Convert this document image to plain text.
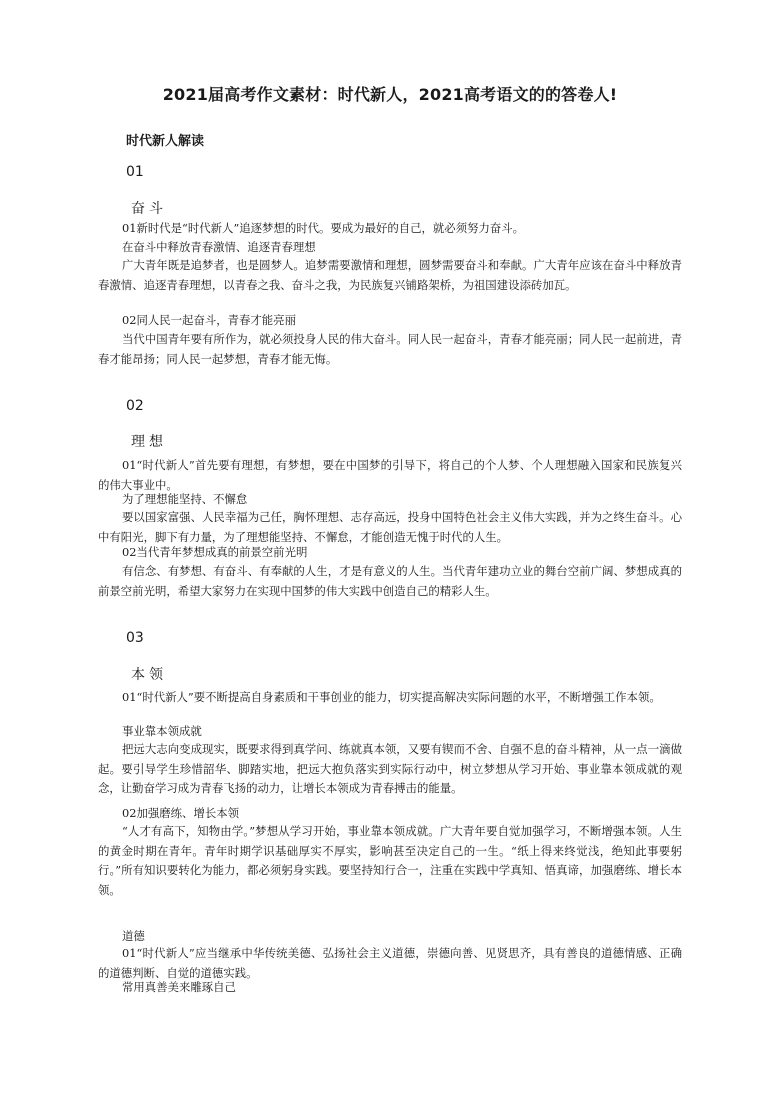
2021届高考作文素材：时代新人，2021高考语文的的答卷人!
时代新人解读
01
奋斗

01新时代是“时代新人”追逐梦想的时代。要成为最好的自己，就必须努力奋斗。

在奋斗中释放青春激情、追逐青春理想

广大青年既是追梦者，也是圆梦人。追梦需要激情和理想，圆梦需要奋斗和奉献。广大青年应该在奋斗中释放青春激情、追逐青春理想，以青春之我、奋斗之我，为民族复兴铺路架桥，为祖国建设添砖加瓦。

02同人民一起奋斗，青春才能亮丽

当代中国青年要有所作为，就必须投身人民的伟大奋斗。同人民一起奋斗，青春才能亮丽；同人民一起前进，青春才能昂扬；同人民一起梦想，青春才能无悔。

02
理想

01“时代新人”首先要有理想，有梦想，要在中国梦的引导下，将自己的个人梦、个人理想融入国家和民族复兴的伟大事业中。

为了理想能坚持、不懈怠

要以国家富强、人民幸福为己任，胸怀理想、志存高远，投身中国特色社会主义伟大实践，并为之终生奋斗。心中有阳光，脚下有力量，为了理想能坚持、不懈怠，才能创造无愧于时代的人生。

02当代青年梦想成真的前景空前光明

有信念、有梦想、有奋斗、有奉献的人生，才是有意义的人生。当代青年建功立业的舞台空前广阔、梦想成真的前景空前光明，希望大家努力在实现中国梦的伟大实践中创造自己的精彩人生。

03
本领

01“时代新人”要不断提高自身素质和干事创业的能力，切实提高解决实际问题的水平，不断增强工作本领。

事业靠本领成就

把远大志向变成现实，既要求得到真学问、练就真本领，又要有锲而不舍、自强不息的奋斗精神，从一点一滴做起。要引导学生珍惜韶华、脚踏实地，把远大抱负落实到实际行动中，树立梦想从学习开始、事业靠本领成就的观念，让勤奋学习成为青春飞扬的动力，让增长本领成为青春搏击的能量。

02加强磨练、增长本领

“人才有高下，知物由学。”梦想从学习开始，事业靠本领成就。广大青年要自觉加强学习，不断增强本领。人生的黄金时期在青年。青年时期学识基础厚实不厚实，影响甚至决定自己的一生。“纸上得来终觉浅，绝知此事要躬行。”所有知识要转化为能力，都必须躬身实践。要坚持知行合一，注重在实践中学真知、悟真谛，加强磨练、增长本领。

道德

01“时代新人”应当继承中华传统美德、弘扬社会主义道德，崇德向善、见贤思齐，具有善良的道德情感、正确的道德判断、自觉的道德实践。

常用真善美来雕琢自己
